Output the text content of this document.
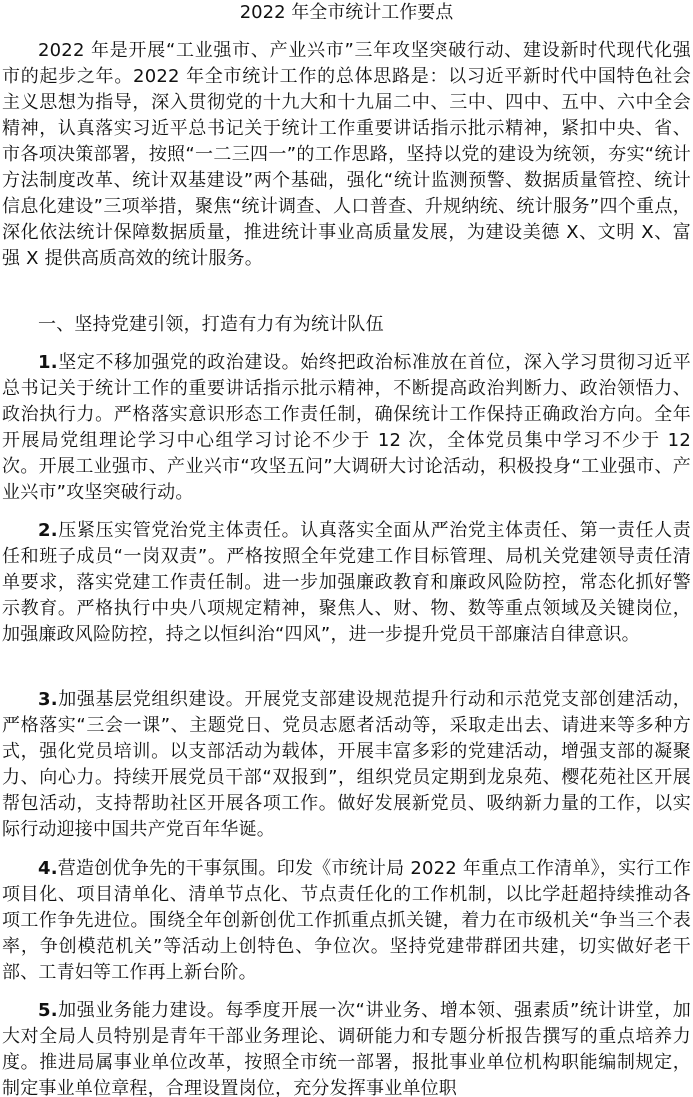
2022 年全市统计工作要点

2022 年是开展“工业强市、产业兴市”三年攻坚突破行动、建设新时代现代化强市的起步之年。2022 年全市统计工作的总体思路是：以习近平新时代中国特色社会主义思想为指导，深入贯彻党的十九大和十九届二中、三中、四中、五中、六中全会精神，认真落实习近平总书记关于统计工作重要讲话指示批示精神，紧扣中央、省、市各项决策部署，按照“一二三四一”的工作思路，坚持以党的建设为统领，夯实“统计方法制度改革、统计双基建设”两个基础，强化“统计监测预警、数据质量管控、统计信息化建设”三项举措，聚焦“统计调查、人口普查、升规纳统、统计服务”四个重点，深化依法统计保障数据质量，推进统计事业高质量发展，为建设美德 X、文明 X、富强 X 提供高质高效的统计服务。

一、坚持党建引领，打造有力有为统计队伍

1.坚定不移加强党的政治建设。始终把政治标准放在首位，深入学习贯彻习近平总书记关于统计工作的重要讲话指示批示精神，不断提高政治判断力、政治领悟力、政治执行力。严格落实意识形态工作责任制，确保统计工作保持正确政治方向。全年开展局党组理论学习中心组学习讨论不少于 12 次，全体党员集中学习不少于 12 次。开展工业强市、产业兴市“攻坚五问”大调研大讨论活动，积极投身“工业强市、产业兴市”攻坚突破行动。

2.压紧压实管党治党主体责任。认真落实全面从严治党主体责任、第一责任人责任和班子成员“一岗双责”。严格按照全年党建工作目标管理、局机关党建领导责任清单要求，落实党建工作责任制。进一步加强廉政教育和廉政风险防控，常态化抓好警示教育。严格执行中央八项规定精神，聚焦人、财、物、数等重点领域及关键岗位，加强廉政风险防控，持之以恒纠治“四风”，进一步提升党员干部廉洁自律意识。

3.加强基层党组织建设。开展党支部建设规范提升行动和示范党支部创建活动，严格落实“三会一课”、主题党日、党员志愿者活动等，采取走出去、请进来等多种方式，强化党员培训。以支部活动为载体，开展丰富多彩的党建活动，增强支部的凝聚力、向心力。持续开展党员干部“双报到”，组织党员定期到龙泉苑、樱花苑社区开展帮包活动，支持帮助社区开展各项工作。做好发展新党员、吸纳新力量的工作，以实际行动迎接中国共产党百年华诞。

4.营造创优争先的干事氛围。印发《市统计局 2022 年重点工作清单》，实行工作项目化、项目清单化、清单节点化、节点责任化的工作机制，以比学赶超持续推动各项工作争先进位。围绕全年创新创优工作抓重点抓关键，着力在市级机关“争当三个表率，争创模范机关”等活动上创特色、争位次。坚持党建带群团共建，切实做好老干部、工青妇等工作再上新台阶。

5.加强业务能力建设。每季度开展一次“讲业务、增本领、强素质”统计讲堂，加大对全局人员特别是青年干部业务理论、调研能力和专题分析报告撰写的重点培养力度。推进局属事业单位改革，按照全市统一部署，报批事业单位机构职能编制规定，制定事业单位章程，合理设置岗位，充分发挥事业单位职
